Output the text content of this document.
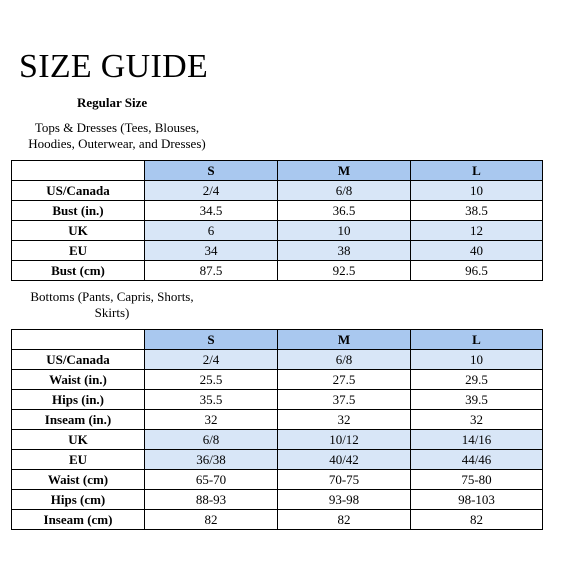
SIZE GUIDE
Regular Size
Tops & Dresses (Tees, Blouses,
Hoodies, Outerwear, and Dresses)
	S	M	L
US/Canada	2/4	6/8	10
Bust (in.)	34.5	36.5	38.5
UK	6	10	12
EU	34	38	40
Bust (cm)	87.5	92.5	96.5
Bottoms (Pants, Capris, Shorts,
Skirts)
	S	M	L
US/Canada	2/4	6/8	10
Waist (in.)	25.5	27.5	29.5
Hips (in.)	35.5	37.5	39.5
Inseam (in.)	32	32	32
UK	6/8	10/12	14/16
EU	36/38	40/42	44/46
Waist (cm)	65-70	70-75	75-80
Hips (cm)	88-93	93-98	98-103
Inseam (cm)	82	82	82
